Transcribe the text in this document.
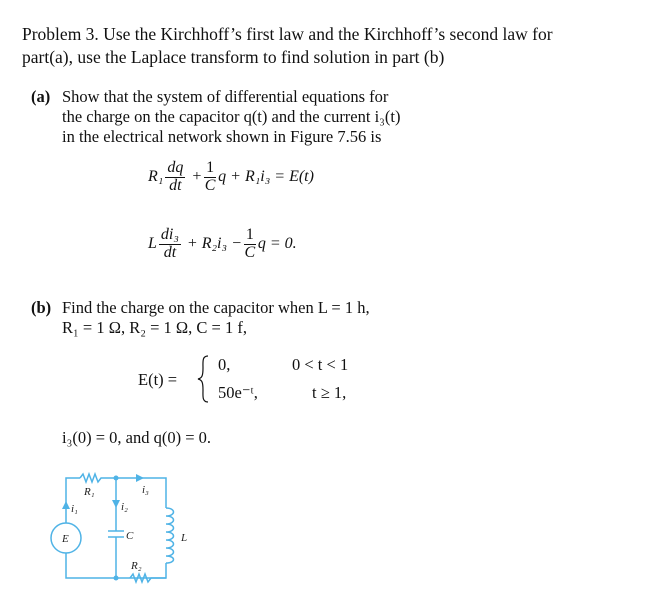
Problem 3. Use the Kirchhoff’s first law and the Kirchhoff’s second law for
part(a), use the Laplace transform to find solution in part (b)
(a) Show that the system of differential equations for
the charge on the capacitor q(t) and the current i₃(t)
in the electrical network shown in Figure 7.56 is
$R_1 \frac{dq}{dt} + \frac{1}{C}$ q + R₁i₃ = E(t)
L $\frac{\text{di₃}}{dt} + R_2i_3 - \frac{1}{C}$ q = 0.
(b) Find the charge on the capacitor when L = 1 h,
R₁ = 1 Ω, R₂ = 1 Ω, C = 1 f,
E(t) =
0,	0 < t < 1
50e⁻ᵗ,	t ≥ 1,
i₃(0) = 0, and q(0) = 0.
E
R₁
i₁	i₂
i₃
C	L
R₂
